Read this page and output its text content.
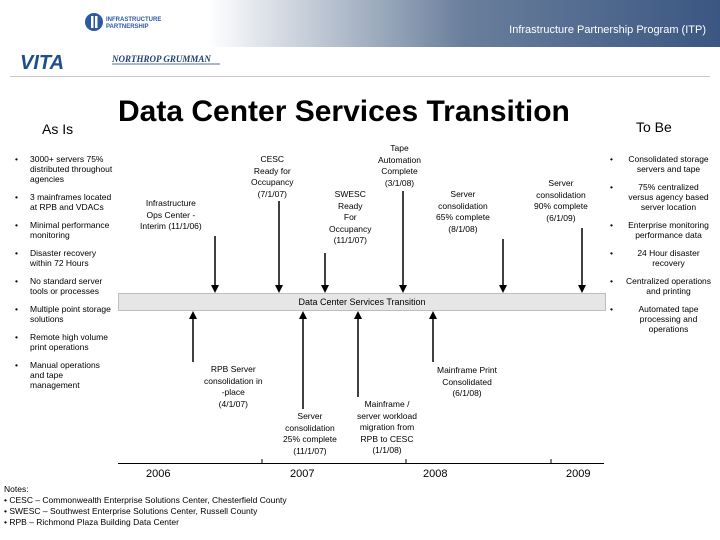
Infrastructure Partnership Program (ITP)
INFRASTRUCTURE
PARTNERSHIP
VITA	NORTHROP GRUMMAN
Data Center Services Transition
As Is	To Be
• 3000+ servers 75% distributed throughout agencies
• 3 mainframes located at RPB and VDACs
• Minimal performance monitoring
• Disaster recovery within 72 Hours
• No standard server tools or processes
• Multiple point storage solutions
• Remote high volume print operations
• Manual operations and tape management
• Consolidated storage servers and tape
• 75% centralized versus agency based server location
• Enterprise monitoring performance data
• 24 Hour disaster recovery
• Centralized operations and printing
• Automated tape processing and operations
Infrastructure
Ops Center -
Interim (11/1/06)
CESC
Ready for
Occupancy
(7/1/07)	SWESC
Ready
For
Occupancy
(11/1/07)
Tape
Automation
Complete
(3/1/08)
Server
consolidation
65% complete
(8/1/08)
Server
consolidation
90% complete
(6/1/09)
Data Center Services Transition
RPB Server
consolidation in
-place
(4/1/07)
Server
consolidation
25% complete
(11/1/07)
Mainframe /
server workload
migration from
RPB to CESC
(1/1/08)
Mainframe Print
Consolidated
(6/1/08)
2006	2007	2008	2009
Notes:
• CESC – Commonwealth Enterprise Solutions Center, Chesterfield County
• SWESC – Southwest Enterprise Solutions Center, Russell County
• RPB – Richmond Plaza Building Data Center
